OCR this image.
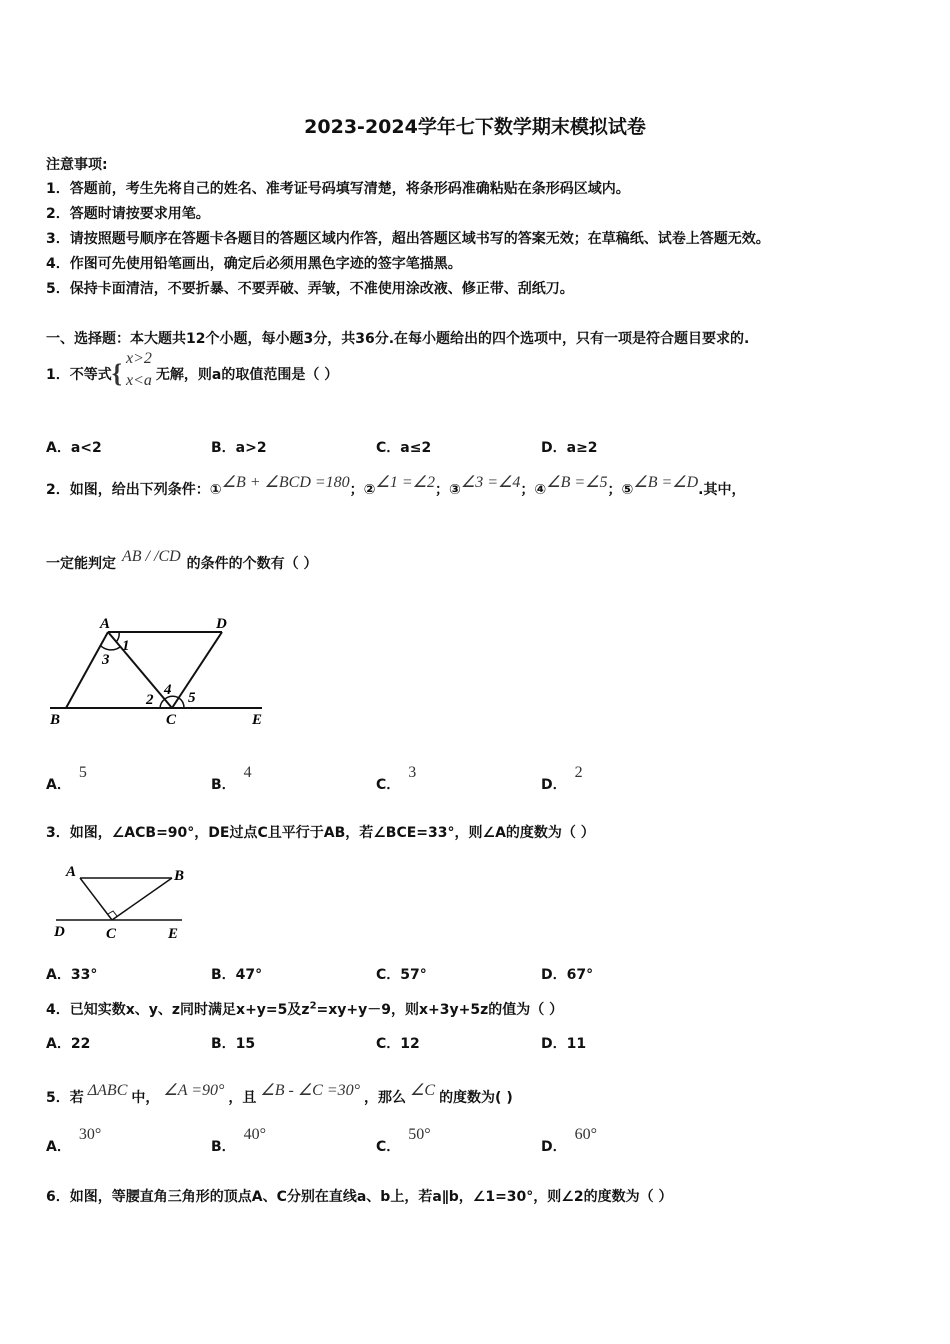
2023-2024学年七下数学期末模拟试卷
注意事项:
1．答题前，考生先将自己的姓名、准考证号码填写清楚，将条形码准确粘贴在条形码区域内。
2．答题时请按要求用笔。
3．请按照题号顺序在答题卡各题目的答题区域内作答，超出答题区域书写的答案无效；在草稿纸、试卷上答题无效。
4．作图可先使用铅笔画出，确定后必须用黑色字迹的签字笔描黑。
5．保持卡面清洁，不要折暴、不要弄破、弄皱，不准使用涂改液、修正带、刮纸刀。
一、选择题：本大题共12个小题，每小题3分，共36分.在每小题给出的四个选项中，只有一项是符合题目要求的.
1．不等式{
x>2
x<a 无解，则a的取值范围是（ ）
A．a<2	B．a>2	C．a≤2	D．a≥2
2．如图，给出下列条件：①∠B + ∠BCD =180；②∠1 =∠2；③∠3 =∠4；④∠B =∠5；⑤∠B =∠D.其中，
一定能判定 AB / /CD 的条件的个数有（ ）
A	D
B	C	E
1
2
3
4 5
A．5
B．4
C．3
D．2
3．如图，∠ACB=90°，DE过点C且平行于AB，若∠BCE=33°，则∠A的度数为（ ）
A	B
D	C	E
A．33°	B．47°	C．57°	D．67°
4．已知实数x、y、z同时满足x+y=5及$z^2=xy+y-9$，则x+3y+5z的值为（ ）
A．22	B．15	C．12	D．11
5．若 ΔABC 中， ∠A =90° ，且 ∠B - ∠C =30° ，那么 ∠C 的度数为( )
A．30°
B．40°
C．50°
D．60°
6．如图，等腰直角三角形的顶点A、C分别在直线a、b上，若a∥b，∠1=30°，则∠2的度数为（ ）
